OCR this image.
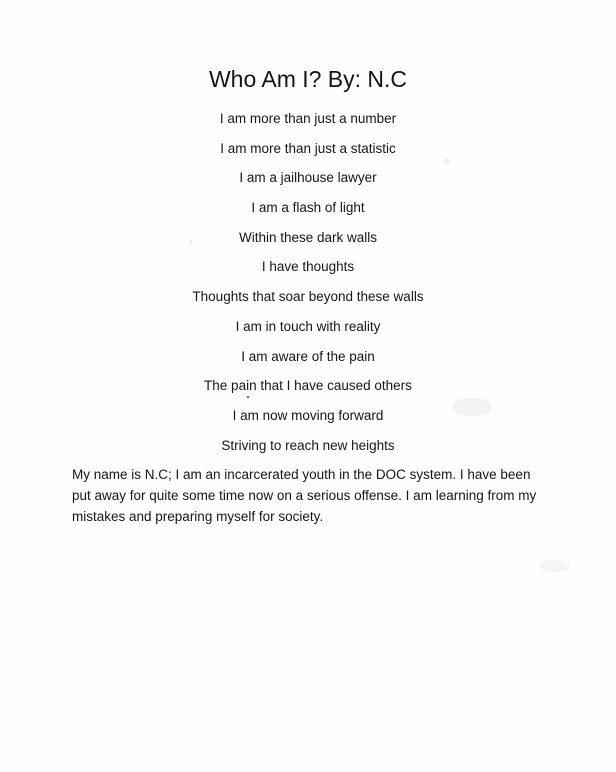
Who Am I? By: N.C
I am more than just a number
I am more than just a statistic
I am a jailhouse lawyer
I am a flash of light
Within these dark walls
I have thoughts
Thoughts that soar beyond these walls
I am in touch with reality
I am aware of the pain
The pain that I have caused others
I am now moving forward
Striving to reach new heights

My name is N.C; I am an incarcerated youth in the DOC system. I have been put away for quite some time now on a serious offense. I am learning from my mistakes and preparing myself for society.
